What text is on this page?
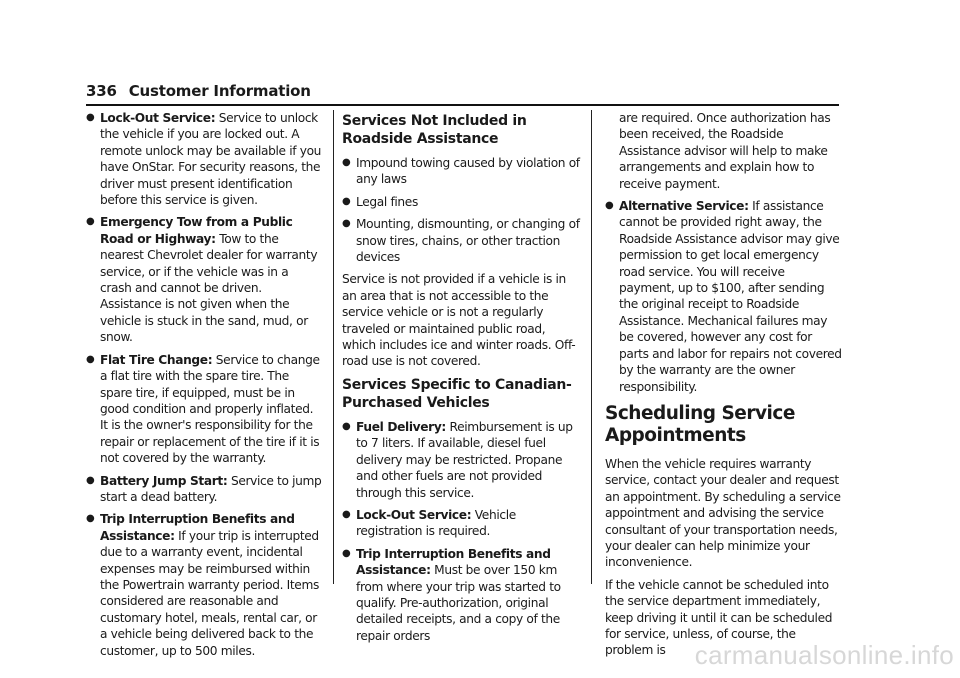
336 Customer Information
● Lock-Out Service: Service to unlock the vehicle if you are locked out. A remote unlock may be available if you have OnStar. For security reasons, the driver must present identification before this service is given.
● Emergency Tow from a Public Road or Highway: Tow to the nearest Chevrolet dealer for warranty service, or if the vehicle was in a crash and cannot be driven. Assistance is not given when the vehicle is stuck in the sand, mud, or snow.
● Flat Tire Change: Service to change a flat tire with the spare tire. The spare tire, if equipped, must be in good condition and properly inflated. It is the owner's responsibility for the repair or replacement of the tire if it is not covered by the warranty.
● Battery Jump Start: Service to jump start a dead battery.
● Trip Interruption Benefits and Assistance: If your trip is interrupted due to a warranty event, incidental expenses may be reimbursed within the Powertrain warranty period. Items considered are reasonable and customary hotel, meals, rental car, or a vehicle being delivered back to the customer, up to 500 miles.
Services Not Included in Roadside Assistance
● Impound towing caused by violation of any laws
● Legal fines
● Mounting, dismounting, or changing of snow tires, chains, or other traction devices

Service is not provided if a vehicle is in an area that is not accessible to the service vehicle or is not a regularly traveled or maintained public road, which includes ice and winter roads. Off-road use is not covered.

Services Specific to Canadian-Purchased Vehicles
● Fuel Delivery: Reimbursement is up to 7 liters. If available, diesel fuel delivery may be restricted. Propane and other fuels are not provided through this service.
● Lock-Out Service: Vehicle registration is required.
● Trip Interruption Benefits and Assistance: Must be over 150 km from where your trip was started to qualify. Pre-authorization, original detailed receipts, and a copy of the repair orders
are required. Once authorization has been received, the Roadside Assistance advisor will help to make arrangements and explain how to receive payment.
● Alternative Service: If assistance cannot be provided right away, the Roadside Assistance advisor may give permission to get local emergency road service. You will receive payment, up to $100, after sending the original receipt to Roadside Assistance. Mechanical failures may be covered, however any cost for parts and labor for repairs not covered by the warranty are the owner responsibility.
Scheduling Service Appointments

When the vehicle requires warranty service, contact your dealer and request an appointment. By scheduling a service appointment and advising the service consultant of your transportation needs, your dealer can help minimize your inconvenience.

If the vehicle cannot be scheduled into the service department immediately, keep driving it until it can be scheduled for service, unless, of course, the problem is	carmanualsonline.info
